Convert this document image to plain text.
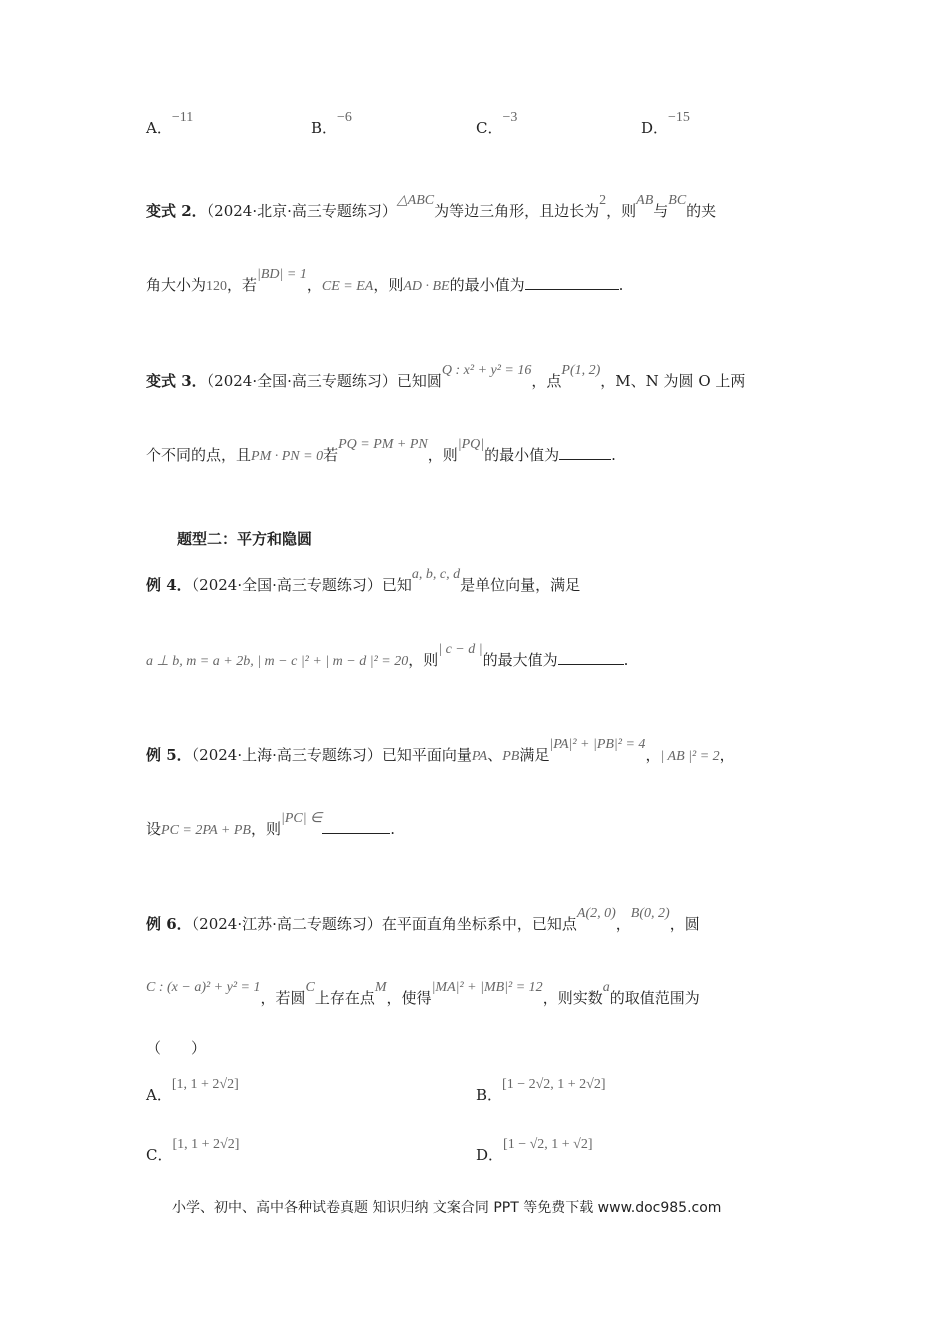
A．−11
B．−6
C．−3
D．−15
变式 2．（2024·北京·高三专题练习）△ABC为等边三角形，且边长为2，则AB与BC的夹
角大小为120，若|BD| = 1，CE = EA，则AD · BE的最小值为	.
变式 3．（2024·全国·高三专题练习）已知圆Q : x² + y² = 16，点P(1, 2)，M、N 为圆 O 上两
个不同的点，且PM · PN = 0若PQ = PM + PN，则|PQ|的最小值为	.
题型二：平方和隐圆
例 4．（2024·全国·高三专题练习）已知a, b, c, d是单位向量，满足
a ⊥ b, m = a + 2b, | m − c |² + | m − d |² = 20，则| c − d |的最大值为	.
例 5．（2024·上海·高三专题练习）已知平面向量PA、PB满足|PA|² + |PB|² = 4，| AB |² = 2，
设PC = 2PA + PB，则|PC| ∈.
例 6．（2024·江苏·高二专题练习）在平面直角坐标系中，已知点A(2, 0)，B(0, 2)，圆
C : (x − a)² + y² = 1，若圆C上存在点M，使得|MA|² + |MB|² = 12，则实数a的取值范围为
（　　）
A．[1, 1 + 2√2]
B．[1 − 2√2, 1 + 2√2]
C．[1, 1 + 2√2]
D．[1 − √2, 1 + √2]
小学、初中、高中各种试卷真题 知识归纳 文案合同 PPT 等免费下载 www.doc985.com
